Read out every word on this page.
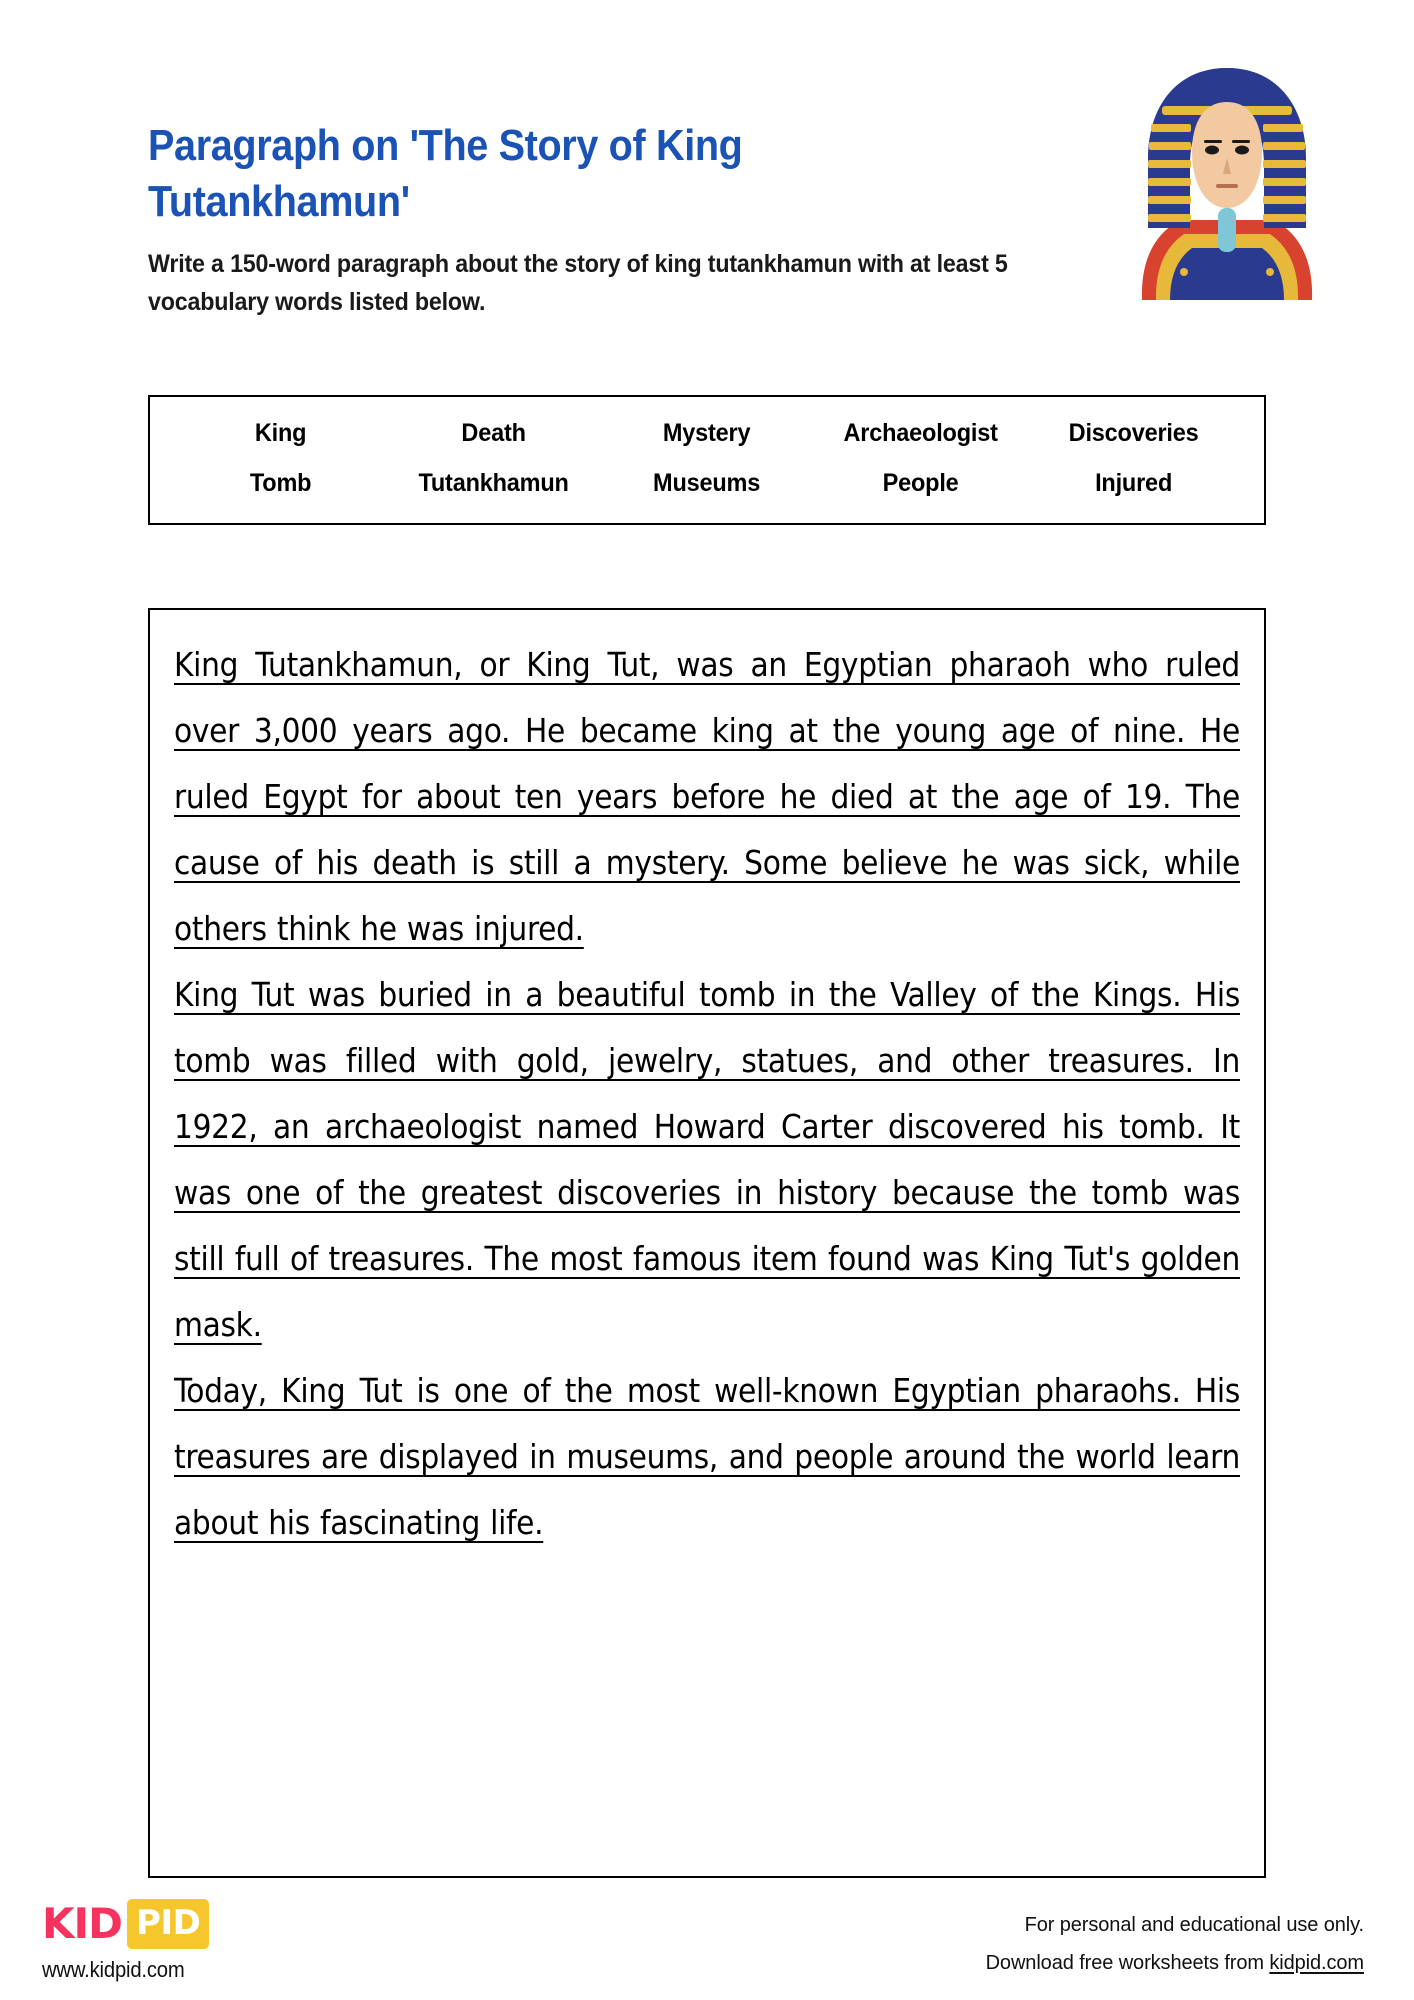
Paragraph on 'The Story of King Tutankhamun'
Write a 150-word paragraph about the story of king tutankhamun with at least 5 vocabulary words listed below.
King	Death	Mystery	Archaeologist	Discoveries
Tomb	Tutankhamun	Museums	People	Injured

King Tutankhamun, or King Tut, was an Egyptian pharaoh who ruled over 3,000 years ago. He became king at the young age of nine. He ruled Egypt for about ten years before he died at the age of 19. The cause of his death is still a mystery. Some believe he was sick, while others think he was injured.

King Tut was buried in a beautiful tomb in the Valley of the Kings. His tomb was filled with gold, jewelry, statues, and other treasures. In 1922, an archaeologist named Howard Carter discovered his tomb. It was one of the greatest discoveries in history because the tomb was still full of treasures. The most famous item found was King Tut's golden mask.

Today, King Tut is one of the most well-known Egyptian pharaohs. His treasures are displayed in museums, and people around the world learn about his fascinating life.

KID PID
www.kidpid.com
For personal and educational use only.
Download free worksheets from kidpid.com
